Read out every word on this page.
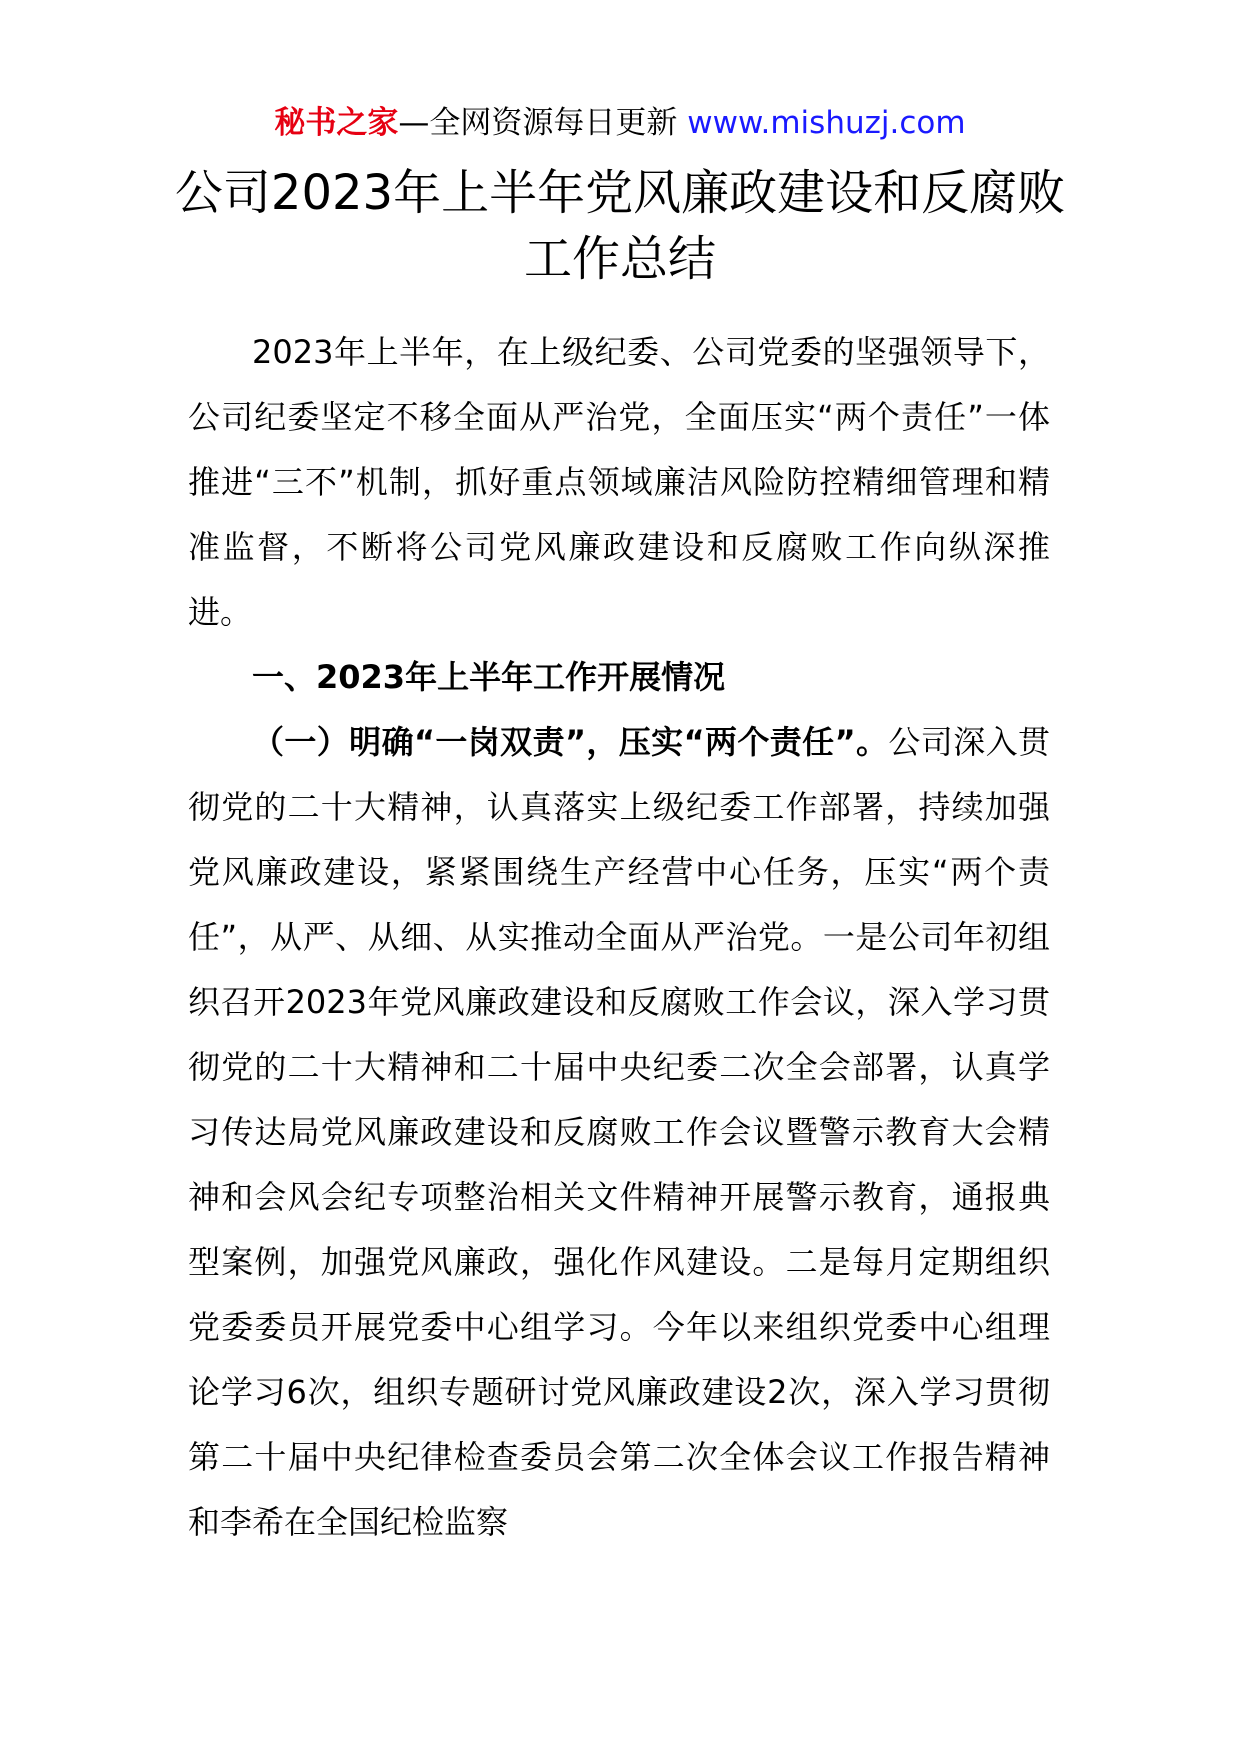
秘书之家—全网资源每日更新 www.mishuzj.com
公司2023年上半年党风廉政建设和反腐败
工作总结

2023年上半年，在上级纪委、公司党委的坚强领导下，公司纪委坚定不移全面从严治党，全面压实“两个责任”一体推进“三不”机制，抓好重点领域廉洁风险防控精细管理和精准监督，不断将公司党风廉政建设和反腐败工作向纵深推进。

一、2023年上半年工作开展情况

（一）明确“一岗双责”，压实“两个责任”。公司深入贯彻党的二十大精神，认真落实上级纪委工作部署，持续加强党风廉政建设，紧紧围绕生产经营中心任务，压实“两个责任”，从严、从细、从实推动全面从严治党。一是公司年初组织召开2023年党风廉政建设和反腐败工作会议，深入学习贯彻党的二十大精神和二十届中央纪委二次全会部署，认真学习传达局党风廉政建设和反腐败工作会议暨警示教育大会精神和会风会纪专项整治相关文件精神开展警示教育，通报典型案例，加强党风廉政，强化作风建设。二是每月定期组织党委委员开展党委中心组学习。今年以来组织党委中心组理论学习6次，组织专题研讨党风廉政建设2次，深入学习贯彻第二十届中央纪律检查委员会第二次全体会议工作报告精神和李希在全国纪检监察
